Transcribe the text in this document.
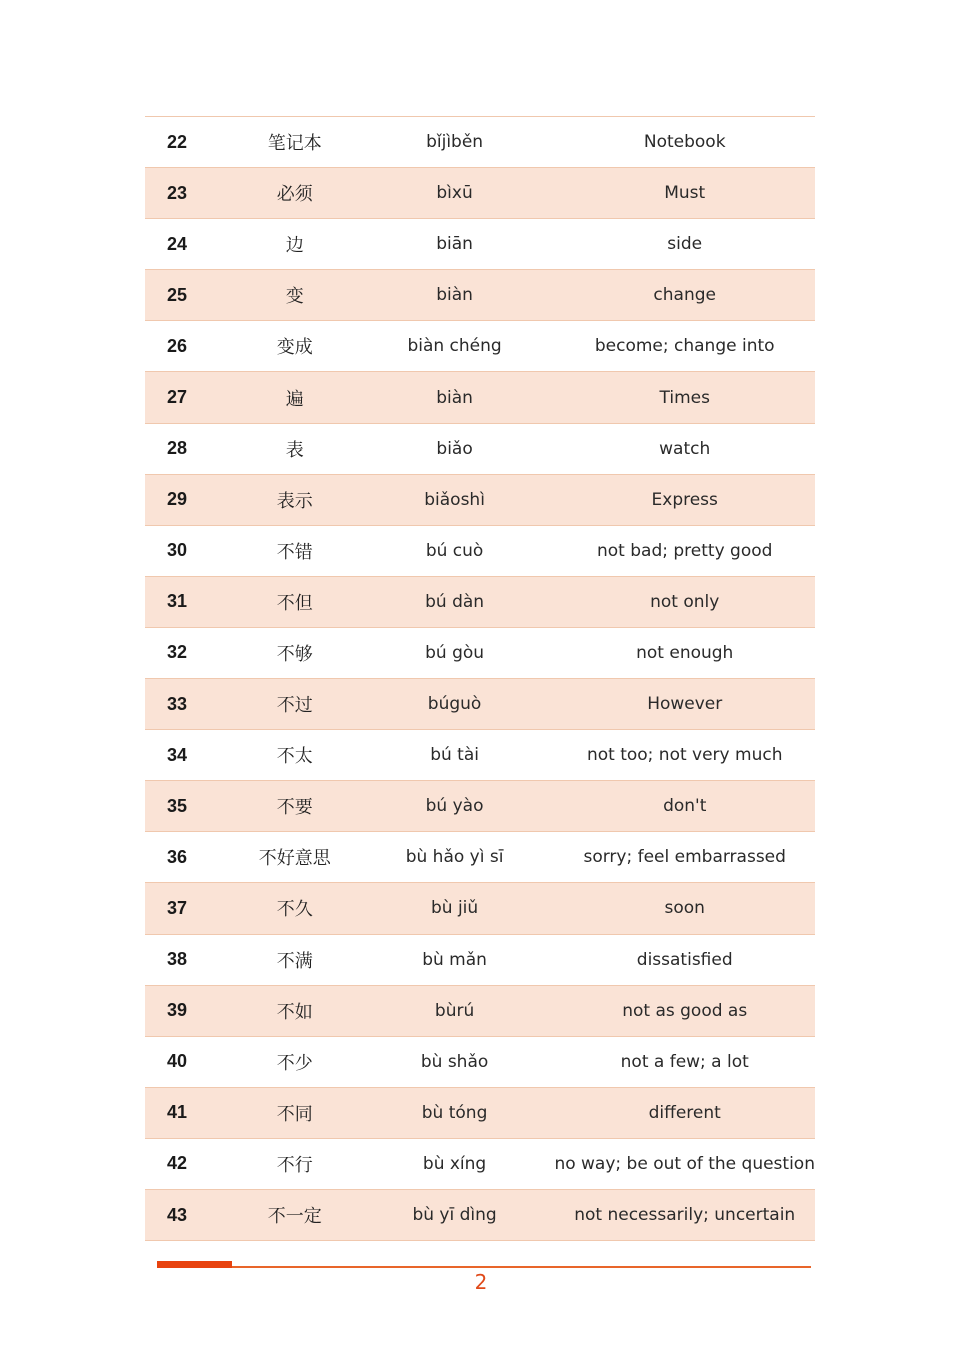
22	笔记本	bǐjìběn	Notebook
23	必须	bìxū	Must
24	边	biān	side
25	变	biàn	change
26	变成	biàn chéng	become; change into
27	遍	biàn	Times
28	表	biǎo	watch
29	表示	biǎoshì	Express
30	不错	bú cuò	not bad; pretty good
31	不但	bú dàn	not only
32	不够	bú gòu	not enough
33	不过	búguò	However
34	不太	bú tài	not too; not very much
35	不要	bú yào	don't
36	不好意思	bù hǎo yì sī	sorry; feel embarrassed
37	不久	bù jiǔ	soon
38	不满	bù mǎn	dissatisfied
39	不如	bùrú	not as good as
40	不少	bù shǎo	not a few; a lot
41	不同	bù tóng	different
42	不行	bù xíng	no way; be out of the question
43	不一定	bù yī dìng	not necessarily; uncertain
2
